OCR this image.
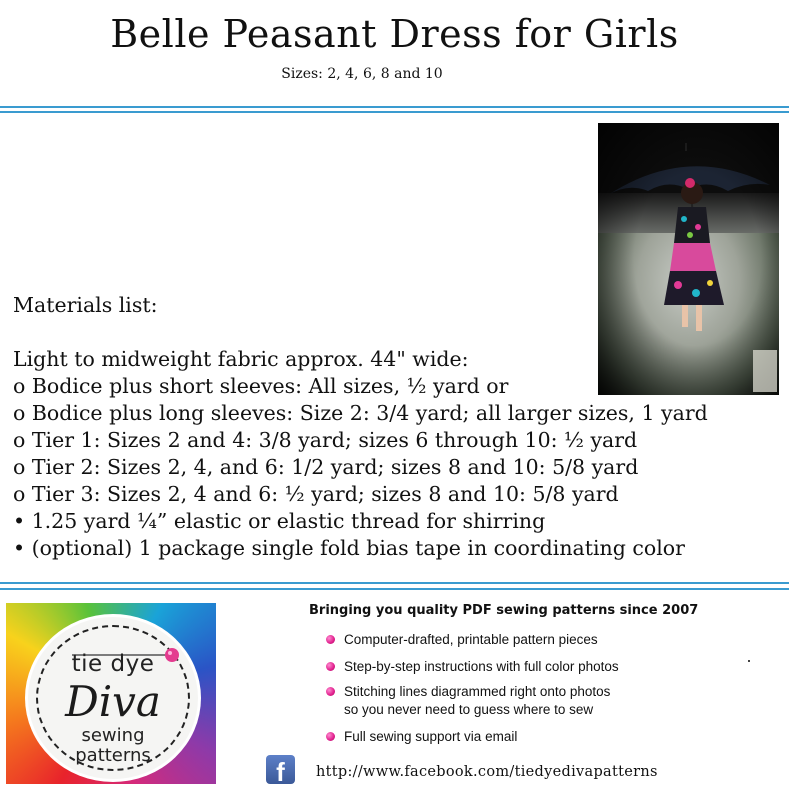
Belle Peasant Dress for Girls
Sizes: 2, 4, 6, 8 and 10
Materials list:
Light to midweight fabric approx. 44" wide:
o Bodice plus short sleeves: All sizes, ½ yard or
o Bodice plus long sleeves: Size 2: 3/4 yard; all larger sizes, 1 yard
o Tier 1: Sizes 2 and 4: 3/8 yard; sizes 6 through 10: ½ yard
o Tier 2: Sizes 2, 4, and 6: 1/2 yard; sizes 8 and 10: 5/8 yard
o Tier 3: Sizes 2, 4 and 6: ½ yard; sizes 8 and 10: 5/8 yard
• 1.25 yard ¼” elastic or elastic thread for shirring
• (optional) 1 package single fold bias tape in coordinating color
tie dye
Diva
sewing
patterns
Bringing you quality PDF sewing patterns since 2007
Computer-drafted, printable pattern pieces
Step-by-step instructions with full color photos
Stitching lines diagrammed right onto photos
so you never need to guess where to sew
Full sewing support via email
f	http://www.facebook.com/tiedyedivapatterns
